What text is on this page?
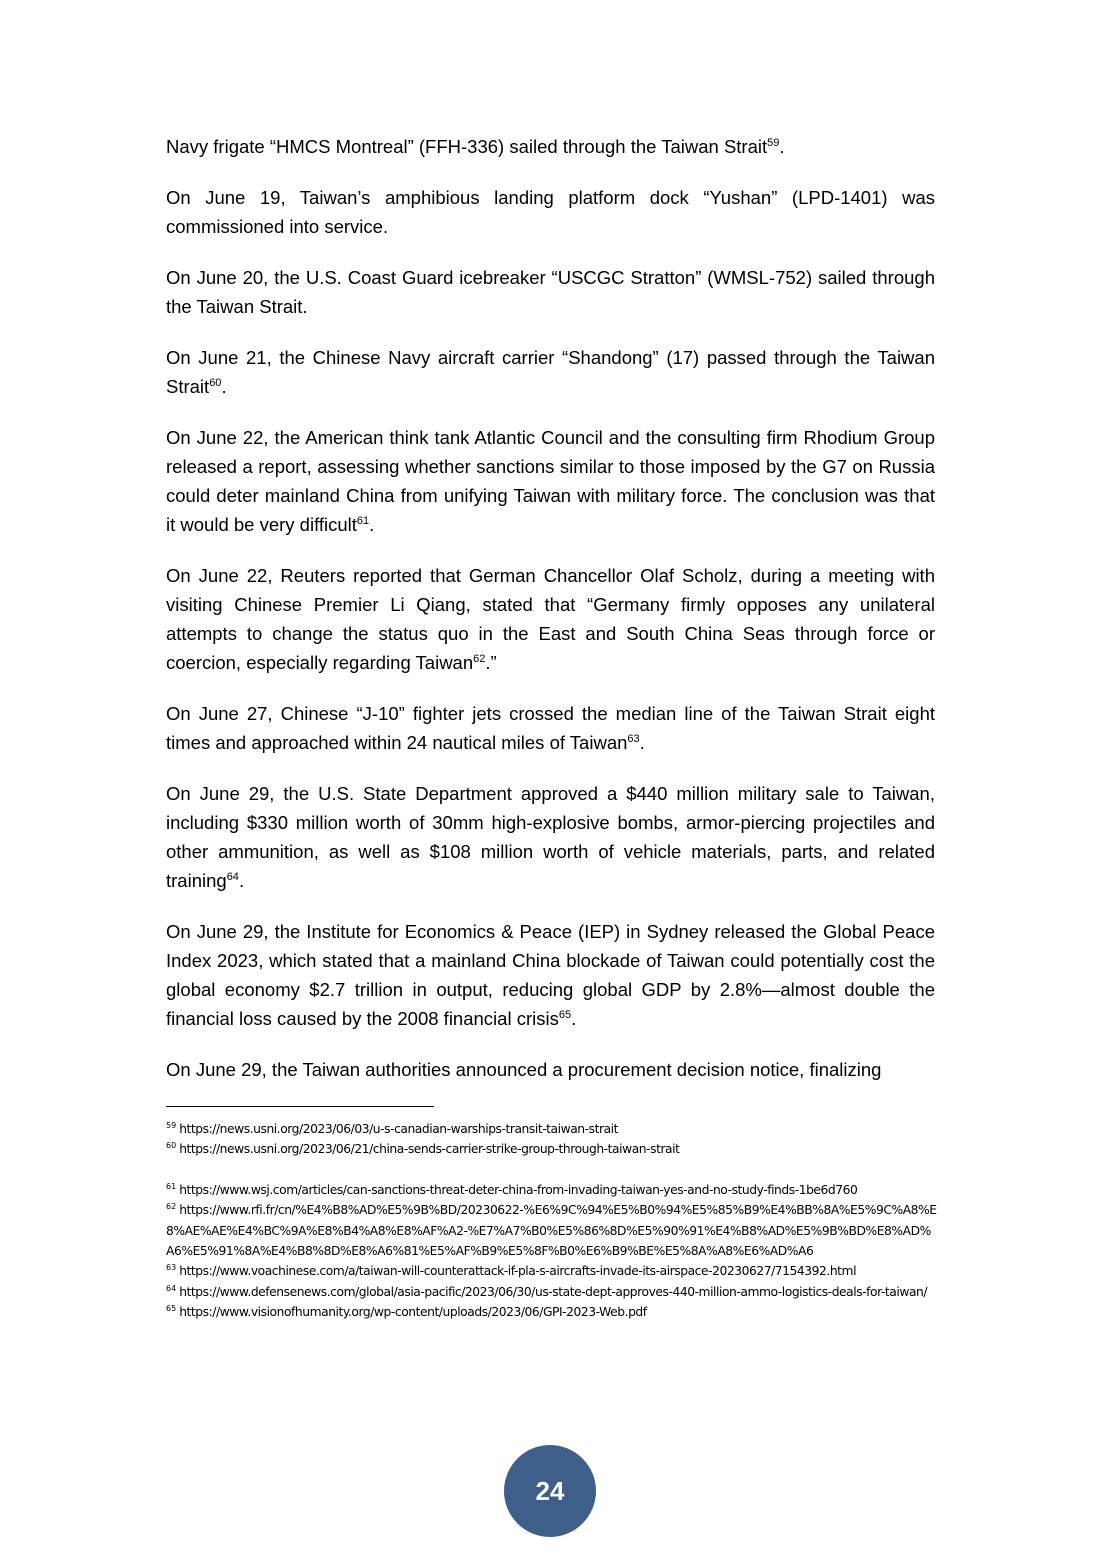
Navy frigate “HMCS Montreal” (FFH-336) sailed through the Taiwan Strait$^{59}$.

On June 19, Taiwan’s amphibious landing platform dock “Yushan” (LPD-1401) was commissioned into service.

On June 20, the U.S. Coast Guard icebreaker “USCGC Stratton” (WMSL-752) sailed through the Taiwan Strait.

On June 21, the Chinese Navy aircraft carrier “Shandong” (17) passed through the Taiwan Strait$^{60}$.

On June 22, the American think tank Atlantic Council and the consulting firm Rhodium Group released a report, assessing whether sanctions similar to those imposed by the G7 on Russia could deter mainland China from unifying Taiwan with military force. The conclusion was that it would be very difficult$^{61}$.

On June 22, Reuters reported that German Chancellor Olaf Scholz, during a meeting with visiting Chinese Premier Li Qiang, stated that “Germany firmly opposes any unilateral attempts to change the status quo in the East and South China Seas through force or coercion, especially regarding Taiwan$^{62}$.”

On June 27, Chinese “J-10” fighter jets crossed the median line of the Taiwan Strait eight times and approached within 24 nautical miles of Taiwan$^{63}$.

On June 29, the U.S. State Department approved a $440 million military sale to Taiwan, including $330 million worth of 30mm high-explosive bombs, armor-piercing projectiles and other ammunition, as well as $108 million worth of vehicle materials, parts, and related training$^{64}$.

On June 29, the Institute for Economics & Peace (IEP) in Sydney released the Global Peace Index 2023, which stated that a mainland China blockade of Taiwan could potentially cost the global economy $2.7 trillion in output, reducing global GDP by 2.8%—almost double the financial loss caused by the 2008 financial crisis$^{65}$.

On June 29, the Taiwan authorities announced a procurement decision notice, finalizing

$^{59}$ https://news.usni.org/2023/06/03/u-s-canadian-warships-transit-taiwan-strait

$^{60}$ https://news.usni.org/2023/06/21/china-sends-carrier-strike-group-through-taiwan-strait

$^{61}$ https://www.wsj.com/articles/can-sanctions-threat-deter-china-from-invading-taiwan-yes-and-no-study-finds-1be6d760

$^{62}$ https://www.rfi.fr/cn/%E4%B8%AD%E5%9B%BD/20230622-%E6%9C%94%E5%B0%94%E5%85%B9%E4%BB%8A%E5%9C%A8%E8%AE%AE%E4%BC%9A%E8%B4%A8%E8%AF%A2-%E7%A7%B0%E5%86%8D%E5%90%91%E4%B8%AD%E5%9B%BD%E8%AD%A6%E5%91%8A%E4%B8%8D%E8%A6%81%E5%AF%B9%E5%8F%B0%E6%B9%BE%E5%8A%A8%E6%AD%A6

$^{63}$ https://www.voachinese.com/a/taiwan-will-counterattack-if-pla-s-aircrafts-invade-its-airspace-20230627/7154392.html

$^{64}$ https://www.defensenews.com/global/asia-pacific/2023/06/30/us-state-dept-approves-440-million-ammo-logistics-deals-for-taiwan/

$^{65}$ https://www.visionofhumanity.org/wp-content/uploads/2023/06/GPI-2023-Web.pdf

24
